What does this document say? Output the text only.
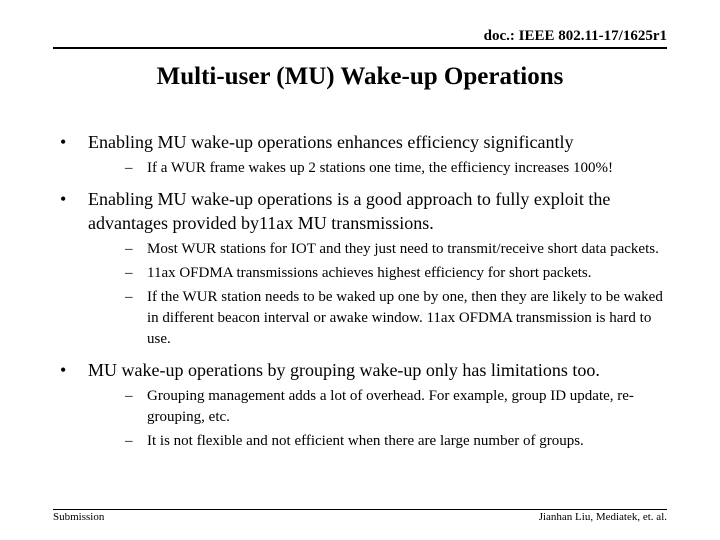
doc.: IEEE 802.11-17/1625r1
Multi-user (MU) Wake-up Operations
• Enabling MU wake-up operations enhances efficiency significantly
– If a WUR frame wakes up 2 stations one time, the efficiency increases 100%!
• Enabling MU wake-up operations is a good approach to fully exploit the advantages provided by11ax MU transmissions.
– Most WUR stations for IOT and they just need to transmit/receive short data packets.
– 11ax OFDMA transmissions achieves highest efficiency for short packets.
– If the WUR station needs to be waked up one by one, then they are likely to be waked in different beacon interval or awake window. 11ax OFDMA transmission is hard to use.
• MU wake-up operations by grouping wake-up only has limitations too.
– Grouping management adds a lot of overhead. For example, group ID update, re-grouping, etc.
– It is not flexible and not efficient when there are large number of groups.
Submission	Jianhan Liu, Mediatek, et. al.
